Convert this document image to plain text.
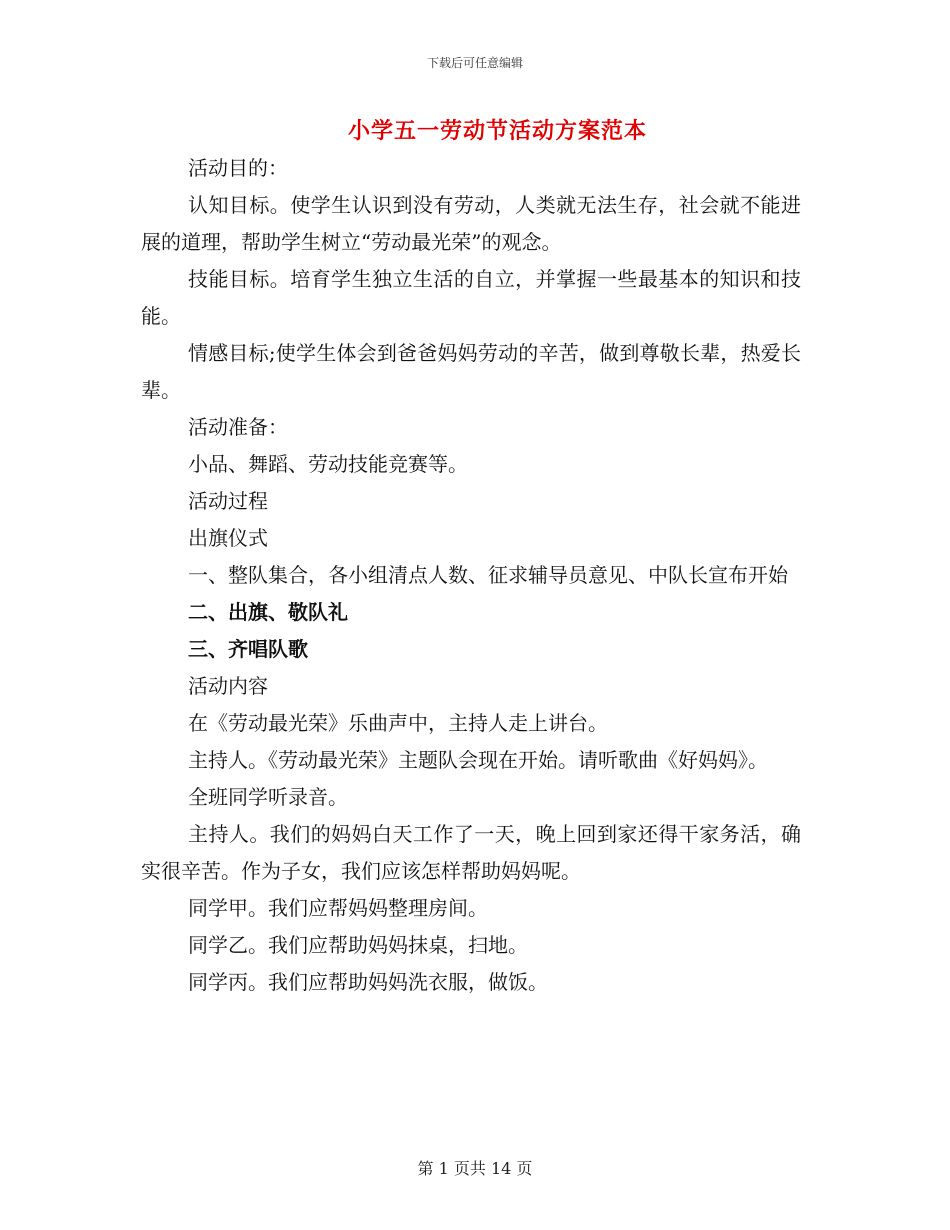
下载后可任意编辑
小学五一劳动节活动方案范本

活动目的：

认知目标。使学生认识到没有劳动，人类就无法生存，社会就不能进展的道理，帮助学生树立“劳动最光荣”的观念。

技能目标。培育学生独立生活的自立，并掌握一些最基本的知识和技能。

情感目标;使学生体会到爸爸妈妈劳动的辛苦，做到尊敬长辈，热爱长辈。

活动准备：

小品、舞蹈、劳动技能竞赛等。

活动过程

出旗仪式

一、整队集合，各小组清点人数、征求辅导员意见、中队长宣布开始

二、出旗、敬队礼

三、齐唱队歌

活动内容

在《劳动最光荣》乐曲声中，主持人走上讲台。

主持人。《劳动最光荣》主题队会现在开始。请听歌曲《好妈妈》。

全班同学听录音。

主持人。我们的妈妈白天工作了一天，晚上回到家还得干家务活，确实很辛苦。作为子女，我们应该怎样帮助妈妈呢。

同学甲。我们应帮妈妈整理房间。

同学乙。我们应帮助妈妈抹桌，扫地。

同学丙。我们应帮助妈妈洗衣服，做饭。

第 1 页共 14 页
